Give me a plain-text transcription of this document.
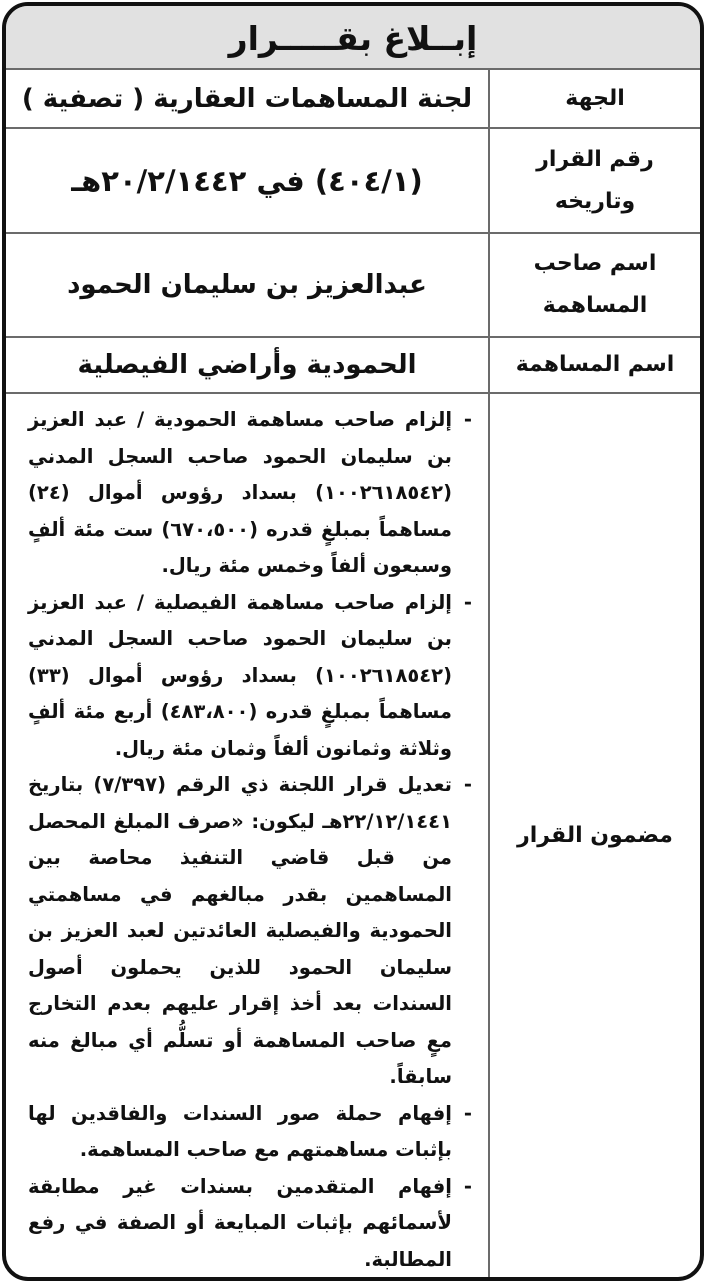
إبــلاغ بقـــــرار
الجهة
لجنة المساهمات العقارية ( تصفية )
رقم القرار وتاريخه
(٤٠٤/١) في ٢٠/٢/١٤٤٢هـ
اسم صاحب المساهمة
عبدالعزيز بن سليمان الحمود
اسم المساهمة
الحمودية وأراضي الفيصلية
مضمون القرار

-إلزام صاحب مساهمة الحمودية / عبد العزيز بن سليمان الحمود صاحب السجل المدني (١٠٠٢٦١٨٥٤٢) بسداد رؤوس أموال (٢٤) مساهماً بمبلغٍ قدره (٦٧٠،٥٠٠) ست مئة ألفٍ وسبعون ألفاً وخمس مئة ريال.

-إلزام صاحب مساهمة الفيصلية / عبد العزيز بن سليمان الحمود صاحب السجل المدني (١٠٠٢٦١٨٥٤٢) بسداد رؤوس أموال (٣٣) مساهماً بمبلغٍ قدره (٤٨٣،٨٠٠) أربع مئة ألفٍ وثلاثة وثمانون ألفاً وثمان مئة ريال.

-تعديل قرار اللجنة ذي الرقم (٧/٣٩٧) بتاريخ ٢٢/١٢/١٤٤١هـ ليكون: «صرف المبلغ المحصل من قبل قاضي التنفيذ محاصة بين المساهمين بقدر مبالغهم في مساهمتي الحمودية والفيصلية العائدتين لعبد العزيز بن سليمان الحمود للذين يحملون أصول السندات بعد أخذ إقرار عليهم بعدم التخارج معٍ صاحب المساهمة أو تسلُّم أي مبالغ منه سابقاً.

-إفهام حملة صور السندات والفاقدين لها بإثبات مساهمتهم مع صاحب المساهمة.

-إفهام المتقدمين بسندات غير مطابقة لأسمائهم بإثبات المبايعة أو الصفة في رفع المطالبة.
